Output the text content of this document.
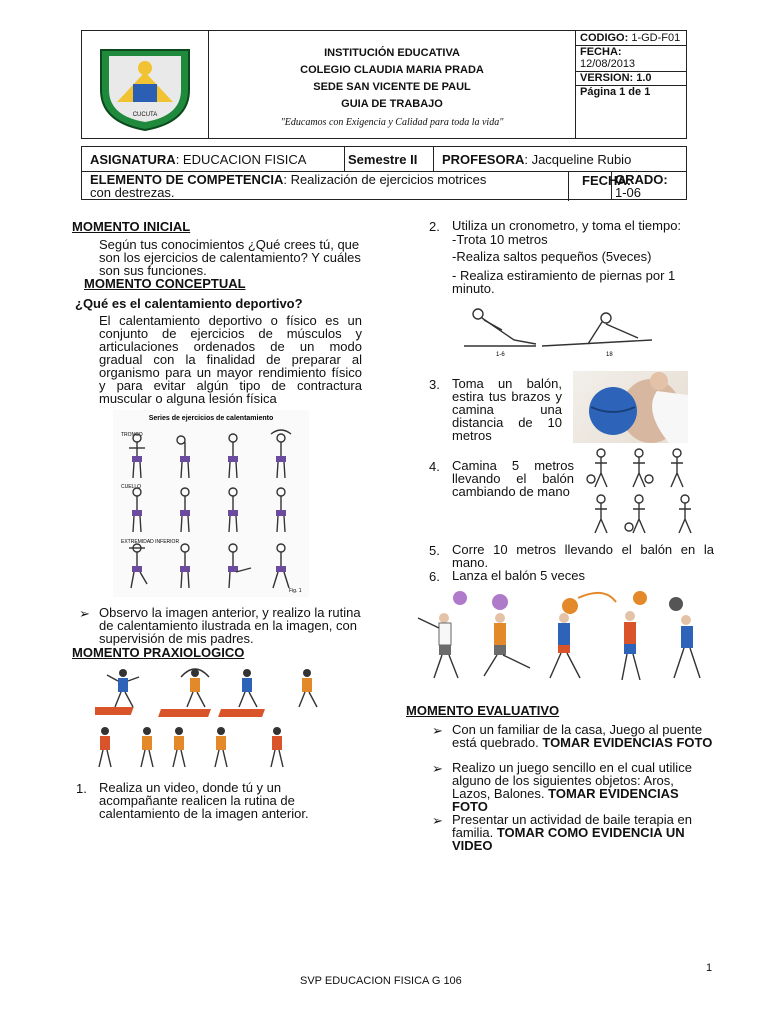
CUCUTA

INSTITUCIÓN EDUCATIVA
COLEGIO CLAUDIA MARIA PRADA
SEDE SAN VICENTE DE PAUL
GUIA DE TRABAJO
"Educamos con Exigencia y Calidad para toda la vida"

CODIGO: 1-GD-F01
FECHA:
12/08/2013
VERSION: 1.0
Página 1 de 1
ASIGNATURA: EDUCACION FISICA	Semestre II	PROFESORA: Jacqueline Rubio	

ELEMENTO DE COMPETENCIA: Realización de ejercicios motrices con destrezas.			GRADO:
1-06
FECHA:
MOMENTO INICIAL
Según tus conocimientos ¿Qué crees tú, que son los ejercicios de calentamiento? Y cuáles son sus funciones.
MOMENTO CONCEPTUAL
¿Qué es el calentamiento deportivo?
El calentamiento deportivo o físico es un conjunto de ejercicios de músculos y articulaciones ordenados de un modo gradual con la finalidad de preparar al organismo para un mayor rendimiento físico y para evitar algún tipo de contractura muscular o alguna lesión física
Series de ejercicios de calentamiento
TRONCO
CUELLO
EXTREMIDAD INFERIOR
Fig. 1
➢ Observo la imagen anterior, y realizo la rutina de calentamiento ilustrada en la imagen, con supervisión de mis padres.
MOMENTO PRAXIOLOGICO
1. Realiza un video, donde tú y un acompañante realicen la rutina de calentamiento de la imagen anterior.
2. Utiliza un cronometro, y toma el tiempo:
-Trota 10 metros
-Realiza saltos pequeños (5veces)
- Realiza estiramiento de piernas por 1 minuto.
1-6	18
3. Toma un balón, estira tus brazos y camina una distancia de 10 metros
4. Camina 5 metros llevando el balón cambiando de mano
5. Corre 10 metros llevando el balón en la mano.
6. Lanza el balón 5 veces
MOMENTO EVALUATIVO
➢ Con un familiar de la casa, Juego al puente está quebrado. TOMAR EVIDENCIAS FOTO
➢ Realizo un juego sencillo en el cual utilice alguno de los siguientes objetos: Aros, Lazos, Balones. TOMAR EVIDENCIAS FOTO
➢ Presentar un actividad de baile terapia en familia. TOMAR COMO EVIDENCIA UN VIDEO
1
SVP EDUCACION FISICA G 106
